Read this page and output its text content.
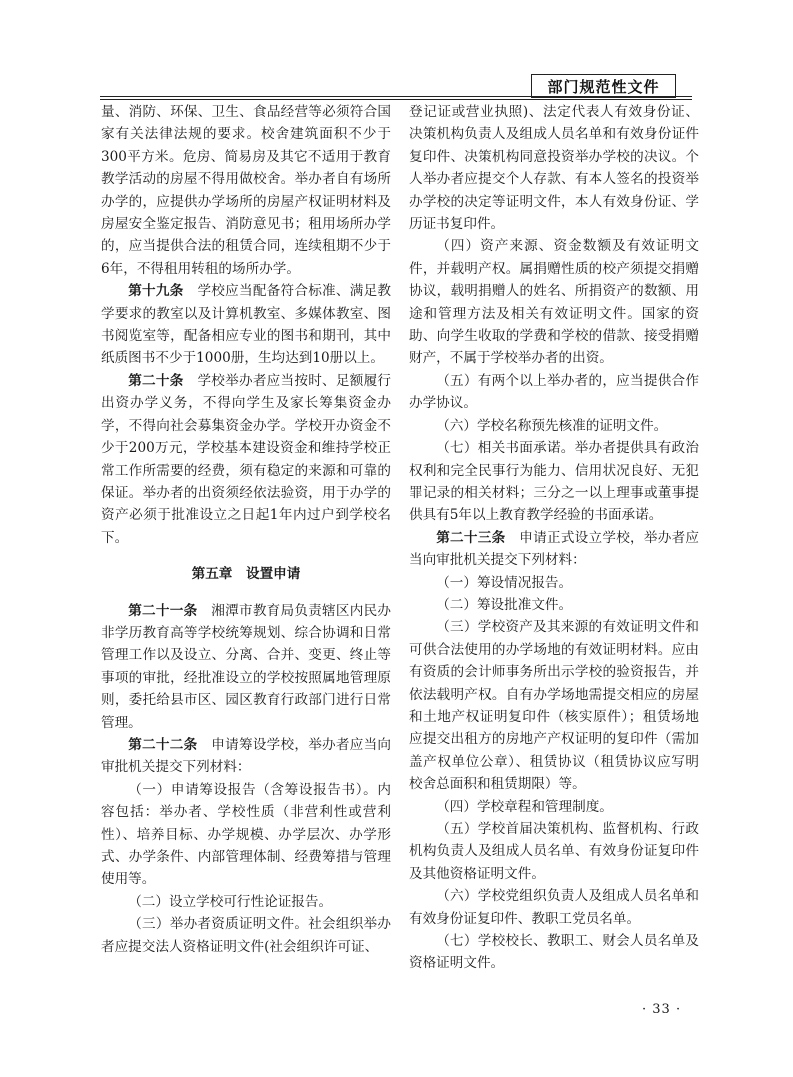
部门规范性文件

量、消防、环保、卫生、食品经营等必须符合国家有关法律法规的要求。校舍建筑面积不少于300平方米。危房、简易房及其它不适用于教育教学活动的房屋不得用做校舍。举办者自有场所办学的，应提供办学场所的房屋产权证明材料及房屋安全鉴定报告、消防意见书；租用场所办学的，应当提供合法的租赁合同，连续租期不少于6年，不得租用转租的场所办学。

第十九条　 学校应当配备符合标准、满足教学要求的教室以及计算机教室、多媒体教室、图书阅览室等，配备相应专业的图书和期刊，其中纸质图书不少于1000册，生均达到10册以上。

第二十条　 学校举办者应当按时、足额履行出资办学义务，不得向学生及家长筹集资金办学，不得向社会募集资金办学。学校开办资金不少于200万元，学校基本建设资金和维持学校正常工作所需要的经费，须有稳定的来源和可靠的保证。举办者的出资须经依法验资，用于办学的资产必须于批准设立之日起1年内过户到学校名下。

第五章　设置申请

第二十一条　 湘潭市教育局负责辖区内民办非学历教育高等学校统筹规划、综合协调和日常管理工作以及设立、分离、合并、变更、终止等事项的审批，经批准设立的学校按照属地管理原则，委托给县市区、园区教育行政部门进行日常管理。

第二十二条　 申请筹设学校，举办者应当向审批机关提交下列材料：

（一）申请筹设报告（含筹设报告书）。内容包括：举办者、学校性质（非营利性或营利性）、培养目标、办学规模、办学层次、办学形式、办学条件、内部管理体制、经费筹措与管理使用等。

（二）设立学校可行性论证报告。

（三）举办者资质证明文件。社会组织举办者应提交法人资格证明文件(社会组织许可证、

登记证或营业执照)、法定代表人有效身份证、决策机构负责人及组成人员名单和有效身份证件复印件、决策机构同意投资举办学校的决议。个人举办者应提交个人存款、有本人签名的投资举办学校的决定等证明文件，本人有效身份证、学历证书复印件。

（四）资产来源、资金数额及有效证明文件，并载明产权。属捐赠性质的校产须提交捐赠协议，载明捐赠人的姓名、所捐资产的数额、用途和管理方法及相关有效证明文件。国家的资助、向学生收取的学费和学校的借款、接受捐赠财产，不属于学校举办者的出资。

（五）有两个以上举办者的，应当提供合作办学协议。

（六）学校名称预先核准的证明文件。

（七）相关书面承诺。举办者提供具有政治权利和完全民事行为能力、信用状况良好、无犯罪记录的相关材料；三分之一以上理事或董事提供具有5年以上教育教学经验的书面承诺。

第二十三条　 申请正式设立学校，举办者应当向审批机关提交下列材料：

（一）筹设情况报告。

（二）筹设批准文件。

（三）学校资产及其来源的有效证明文件和可供合法使用的办学场地的有效证明材料。应由有资质的会计师事务所出示学校的验资报告，并依法载明产权。自有办学场地需提交相应的房屋和土地产权证明复印件（核实原件）；租赁场地应提交出租方的房地产产权证明的复印件（需加盖产权单位公章）、租赁协议（租赁协议应写明校舍总面积和租赁期限）等。

（四）学校章程和管理制度。

（五）学校首届决策机构、监督机构、行政机构负责人及组成人员名单、有效身份证复印件及其他资格证明文件。

（六）学校党组织负责人及组成人员名单和有效身份证复印件、教职工党员名单。

（七）学校校长、教职工、财会人员名单及资格证明文件。

· 33 ·
